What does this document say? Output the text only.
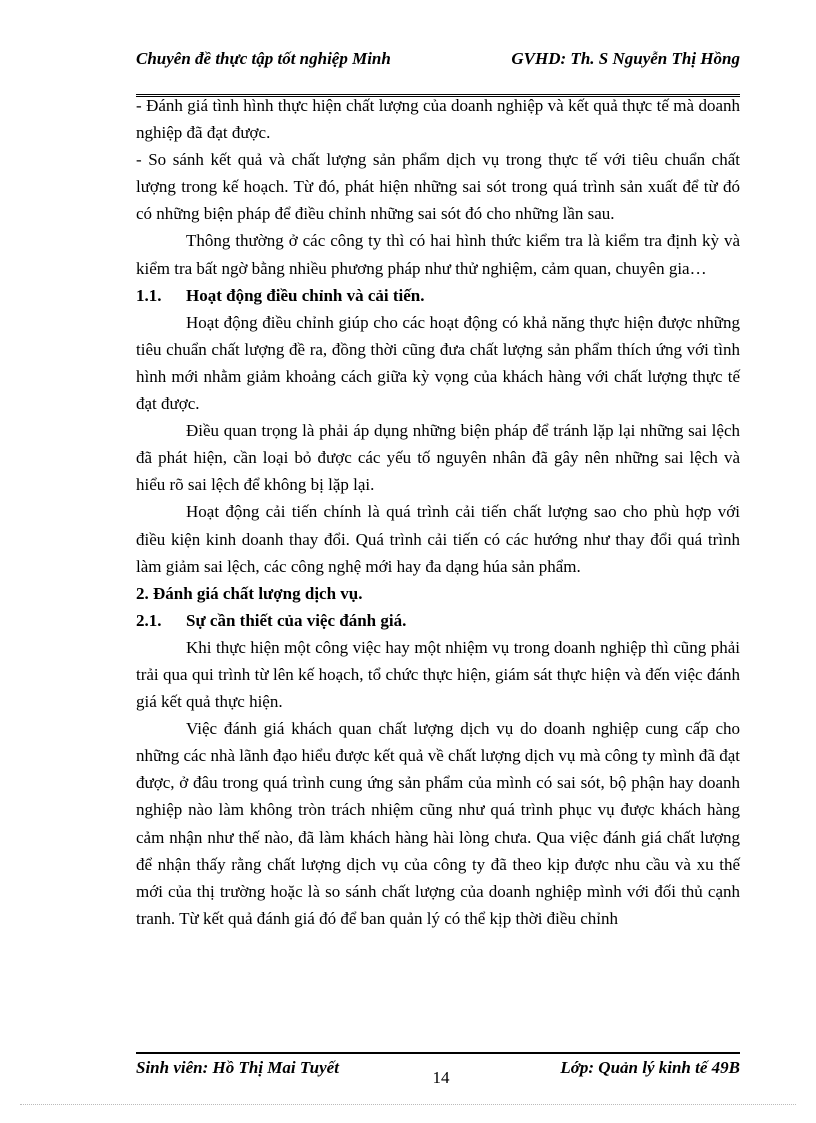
Chuyên đề thực tập tốt nghiệp Minh	GVHD: Th. S Nguyễn Thị Hồng

- Đánh giá tình hình thực hiện chất lượng của doanh nghiệp và kết quả thực tế mà doanh nghiệp đã đạt được.

- So sánh kết quả và chất lượng sản phẩm dịch vụ trong thực tế với tiêu chuẩn chất lượng trong kế hoạch. Từ đó, phát hiện những sai sót trong quá trình sản xuất để từ đó có những biện pháp để điều chỉnh những sai sót đó cho những lần sau.

Thông thường ở các công ty thì có hai hình thức kiểm tra là kiểm tra định kỳ và kiểm tra bất ngờ bằng nhiều phương pháp như thử nghiệm, cảm quan, chuyên gia…

1.1.	Hoạt động điều chỉnh và cải tiến.

Hoạt động điều chỉnh giúp cho các hoạt động có khả năng thực hiện được những tiêu chuẩn chất lượng đề ra, đồng thời cũng đưa chất lượng sản phẩm thích ứng với tình hình mới nhằm giảm khoảng cách giữa kỳ vọng của khách hàng với chất lượng thực tế đạt được.

Điều quan trọng là phải áp dụng những biện pháp để tránh lặp lại những sai lệch đã phát hiện, cần loại bỏ được các yếu tố nguyên nhân đã gây nên những sai lệch và hiểu rõ sai lệch để không bị lặp lại.

Hoạt động cải tiến chính là quá trình cải tiến chất lượng sao cho phù hợp với điều kiện kinh doanh thay đổi. Quá trình cải tiến có các hướng như thay đổi quá trình làm giảm sai lệch, các công nghệ mới hay đa dạng húa sản phẩm.

2. Đánh giá chất lượng dịch vụ.

2.1.	Sự cần thiết của việc đánh giá.

Khi thực hiện một công việc hay một nhiệm vụ trong doanh nghiệp thì cũng phải trải qua qui trình từ lên kế hoạch, tổ chức thực hiện, giám sát thực hiện và đến việc đánh giá kết quả thực hiện.

Việc đánh giá khách quan chất lượng dịch vụ do doanh nghiệp cung cấp cho những các nhà lãnh đạo hiểu được kết quả về chất lượng dịch vụ mà công ty mình đã đạt được, ở đâu trong quá trình cung ứng sản phẩm của mình có sai sót, bộ phận hay doanh nghiệp nào làm không tròn trách nhiệm cũng như quá trình phục vụ được khách hàng cảm nhận như thế nào, đã làm khách hàng hài lòng chưa. Qua việc đánh giá chất lượng để nhận thấy rằng chất lượng dịch vụ của công ty đã theo kịp được nhu cầu và xu thế mới của thị trường hoặc là so sánh chất lượng của doanh nghiệp mình với đối thủ cạnh tranh. Từ kết quả đánh giá đó để ban quản lý có thể kịp thời điều chỉnh

Sinh viên: Hồ Thị Mai Tuyết
14
Lớp: Quản lý kinh tế 49B
